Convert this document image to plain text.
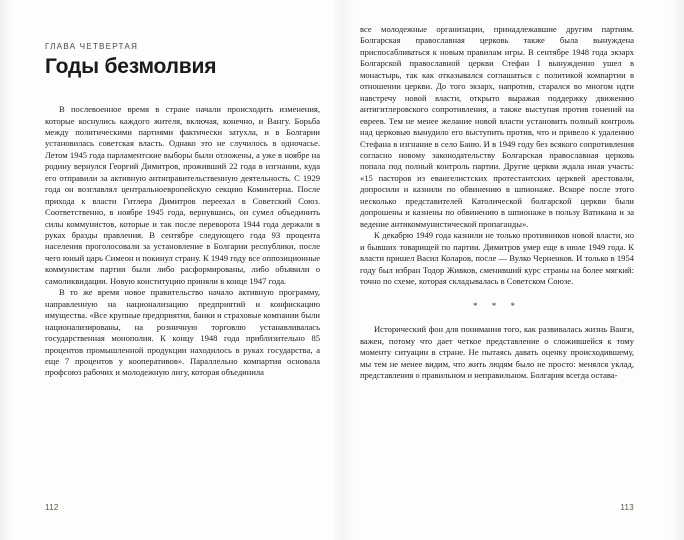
ГЛАВА ЧЕТВЕРТАЯ

Годы безмолвия

В послевоенное время в стране начали происходить изменения, которые коснулись каждого жителя, включая, конечно, и Вангу. Борьба между политическими партиями фактически затухла, и в Болгарии установилась советская власть. Однако это не случилось в одночасье. Летом 1945 года парламентские выборы были отложены, а уже в ноябре на родину вернулся Георгий Димитров, проживший 22 года в изгнании, куда его отправили за активную антиправительственную деятельность. С 1929 года он возглавлял центральноевропейскую секцию Коминтерна. После прихода к власти Гитлера Димитров переехал в Советский Союз. Соответственно, в ноябре 1945 года, вернувшись, он сумел объединить силы коммунистов, которые и так после переворота 1944 года держали в руках бразды правления. В сентябре следующего года 93 процента населения проголосовали за установление в Болгарии республики, после чего юный царь Симеон и покинул страну. К 1949 году все оппозиционные коммунистам партии были либо расформированы, либо объявили о самоликвидации. Новую конституцию приняли в конце 1947 года.

В то же время новое правительство начало активную программу, направленную на национализацию предприятий и конфискацию имущества. «Все крупные предприятия, банки и страховые компании были национализированы, на розничную торговлю устанавливалась государственная монополия. К концу 1948 года приблизительно 85 процентов промышленной продукции находилось в руках государства, а еще 7 процентов у кооперативов». Параллельно компартия основала профсоюз рабочих и молодежную лигу, которая объединила

112

все молодежные организации, принадлежавшие другим партиям. Болгарская православная церковь также была вынуждена приспосабливаться к новым правилам игры. В сентябре 1948 года экзарх Болгарской православной церкви Стефан I вынужденно ушел в монастырь, так как отказывался соглашаться с политикой компартии в отношении церкви. До того экзарх, напротив, старался во многом идти навстречу новой власти, открыто выражая поддержку движению антигитлеровского сопротивления, а также выступая против гонений на евреев. Тем не менее желание новой власти установить полный контроль над церковью вынудило его выступить против, что и привело к удалению Стефана в изгнание в село Баню. И в 1949 году без всякого сопротивления согласно новому законодательству Болгарская православная церковь попала под полный контроль партии. Другие церкви ждала иная участь: «15 пасторов из евангелистских протестантских церквей арестовали, допросили и казнили по обвинению в шпионаже. Вскоре после этого несколько представителей Католической болгарской церкви были допрошены и казнены по обвинению в шпионаже в пользу Ватикана и за ведение антикоммунистической пропаганды».

К декабрю 1949 года казнили не только противников новой власти, но и бывших товарищей по партии. Димитров умер еще в июле 1949 года. К власти пришел Васил Коларов, после — Вулко Черненков. И только в 1954 году был избран Тодор Живков, сменивший курс страны на более мягкий: точно по схеме, которая складывалась в Советском Союзе.

* * *

Исторический фон для понимания того, как развивалась жизнь Ванги, важен, потому что дает четкое представление о сложившейся к тому моменту ситуации в стране. Не пытаясь давать оценку происходившему, мы тем не менее видим, что жить людям было не просто: менялся уклад, представления о правильном и неправильном. Болгария всегда остава-

113
